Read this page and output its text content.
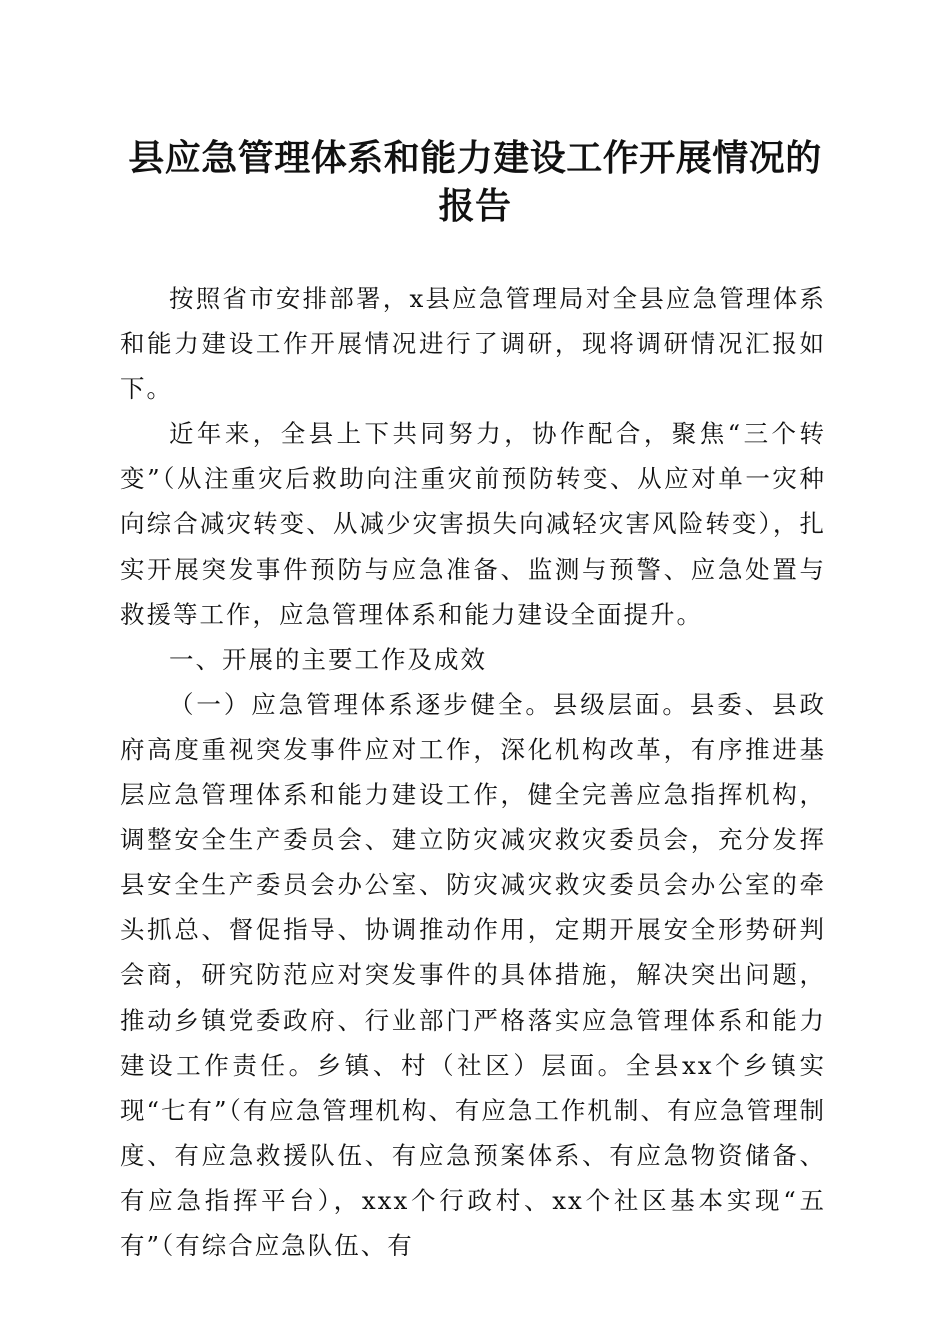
县应急管理体系和能力建设工作开展情况的报告

按照省市安排部署，x县应急管理局对全县应急管理体系和能力建设工作开展情况进行了调研，现将调研情况汇报如下。

近年来，全县上下共同努力，协作配合，聚焦“三个转变”（从注重灾后救助向注重灾前预防转变、从应对单一灾种向综合减灾转变、从减少灾害损失向减轻灾害风险转变），扎实开展突发事件预防与应急准备、监测与预警、应急处置与救援等工作，应急管理体系和能力建设全面提升。

一、开展的主要工作及成效

（一）应急管理体系逐步健全。县级层面。县委、县政府高度重视突发事件应对工作，深化机构改革，有序推进基层应急管理体系和能力建设工作，健全完善应急指挥机构，调整安全生产委员会、建立防灾减灾救灾委员会，充分发挥县安全生产委员会办公室、防灾减灾救灾委员会办公室的牵头抓总、督促指导、协调推动作用，定期开展安全形势研判会商，研究防范应对突发事件的具体措施，解决突出问题，推动乡镇党委政府、行业部门严格落实应急管理体系和能力建设工作责任。乡镇、村（社区）层面。全县xx个乡镇实现“七有”（有应急管理机构、有应急工作机制、有应急管理制度、有应急救援队伍、有应急预案体系、有应急物资储备、有应急指挥平台），xxx个行政村、xx个社区基本实现“五有”（有综合应急队伍、有
